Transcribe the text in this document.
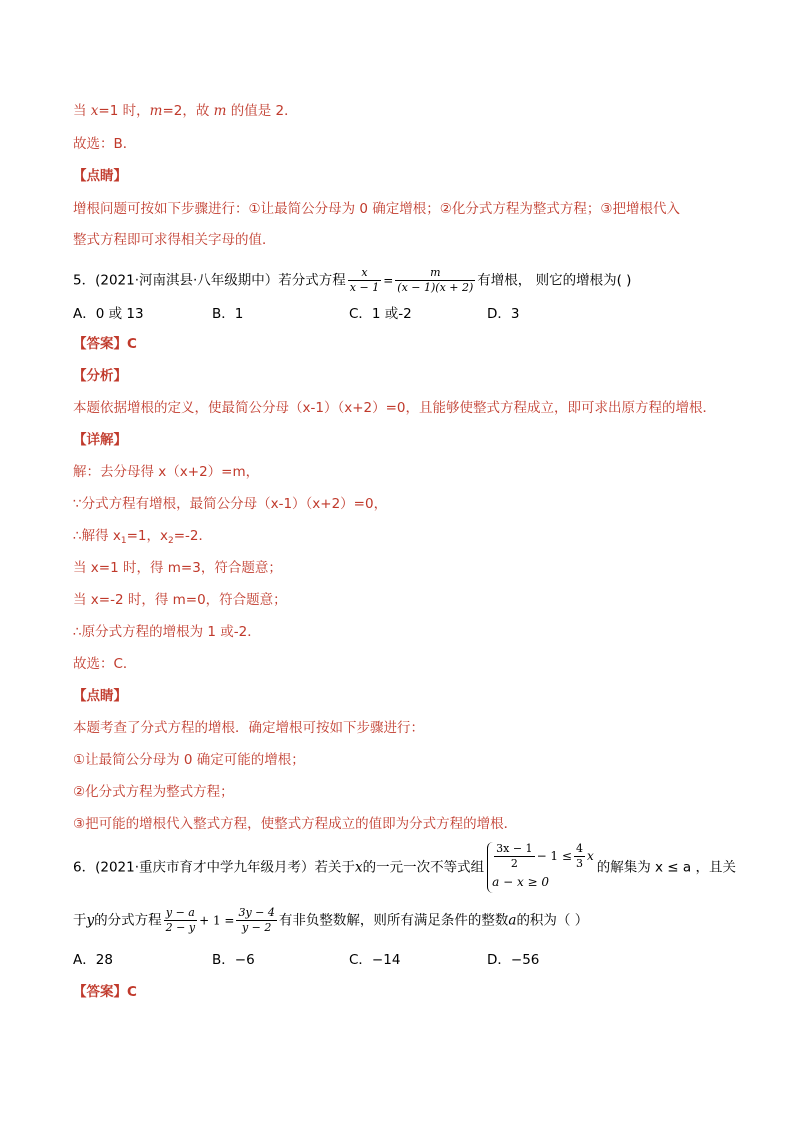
当 x=1 时，m=2，故 m 的值是 2．
故选：B．
【点睛】
增根问题可按如下步骤进行：①让最简公分母为 0 确定增根；②化分式方程为整式方程；③把增根代入
整式方程即可求得相关字母的值．
5．(2021·河南淇县·八年级期中）若分式方程 $\frac{x}{x - 1} = \frac{m}{(x - 1)(x + 2)}$ 有增根， 则它的增根为( )
A．0 或 13	B．1	C．1 或-2	D．3
【答案】C
【分析】
本题依据增根的定义，使最简公分母（x-1）（x+2）=0，且能够使整式方程成立，即可求出原方程的增根．
【详解】
解：去分母得 x（x+2）=m，
∵分式方程有增根，最简公分母（x-1）（x+2）=0，
∴解得 $x_1=1$，$x_2=-2$．
当 x=1 时，得 m=3，符合题意；
当 x=-2 时，得 m=0，符合题意；
∴原分式方程的增根为 1 或-2．
故选：C．
【点睛】
本题考查了分式方程的增根．确定增根可按如下步骤进行：
①让最简公分母为 0 确定可能的增根；
②化分式方程为整式方程；
③把可能的增根代入整式方程，使整式方程成立的值即为分式方程的增根．
6．(2021·重庆市育才中学九年级月考）若关于x的一元一次不等式组 $\frac{3x - 1}{2} - 1 \le \frac{4}{3}$ x
a − x ≥ 0
的解集为 x ≤ a ，且关
于y的分式方程 $\frac{y - a}{2 - y} + 1 = \frac{3y - 4}{y - 2}$ 有非负整数解，则所有满足条件的整数a的积为（ ）
A．28	B．−6	C．−14	D．−56
【答案】C
